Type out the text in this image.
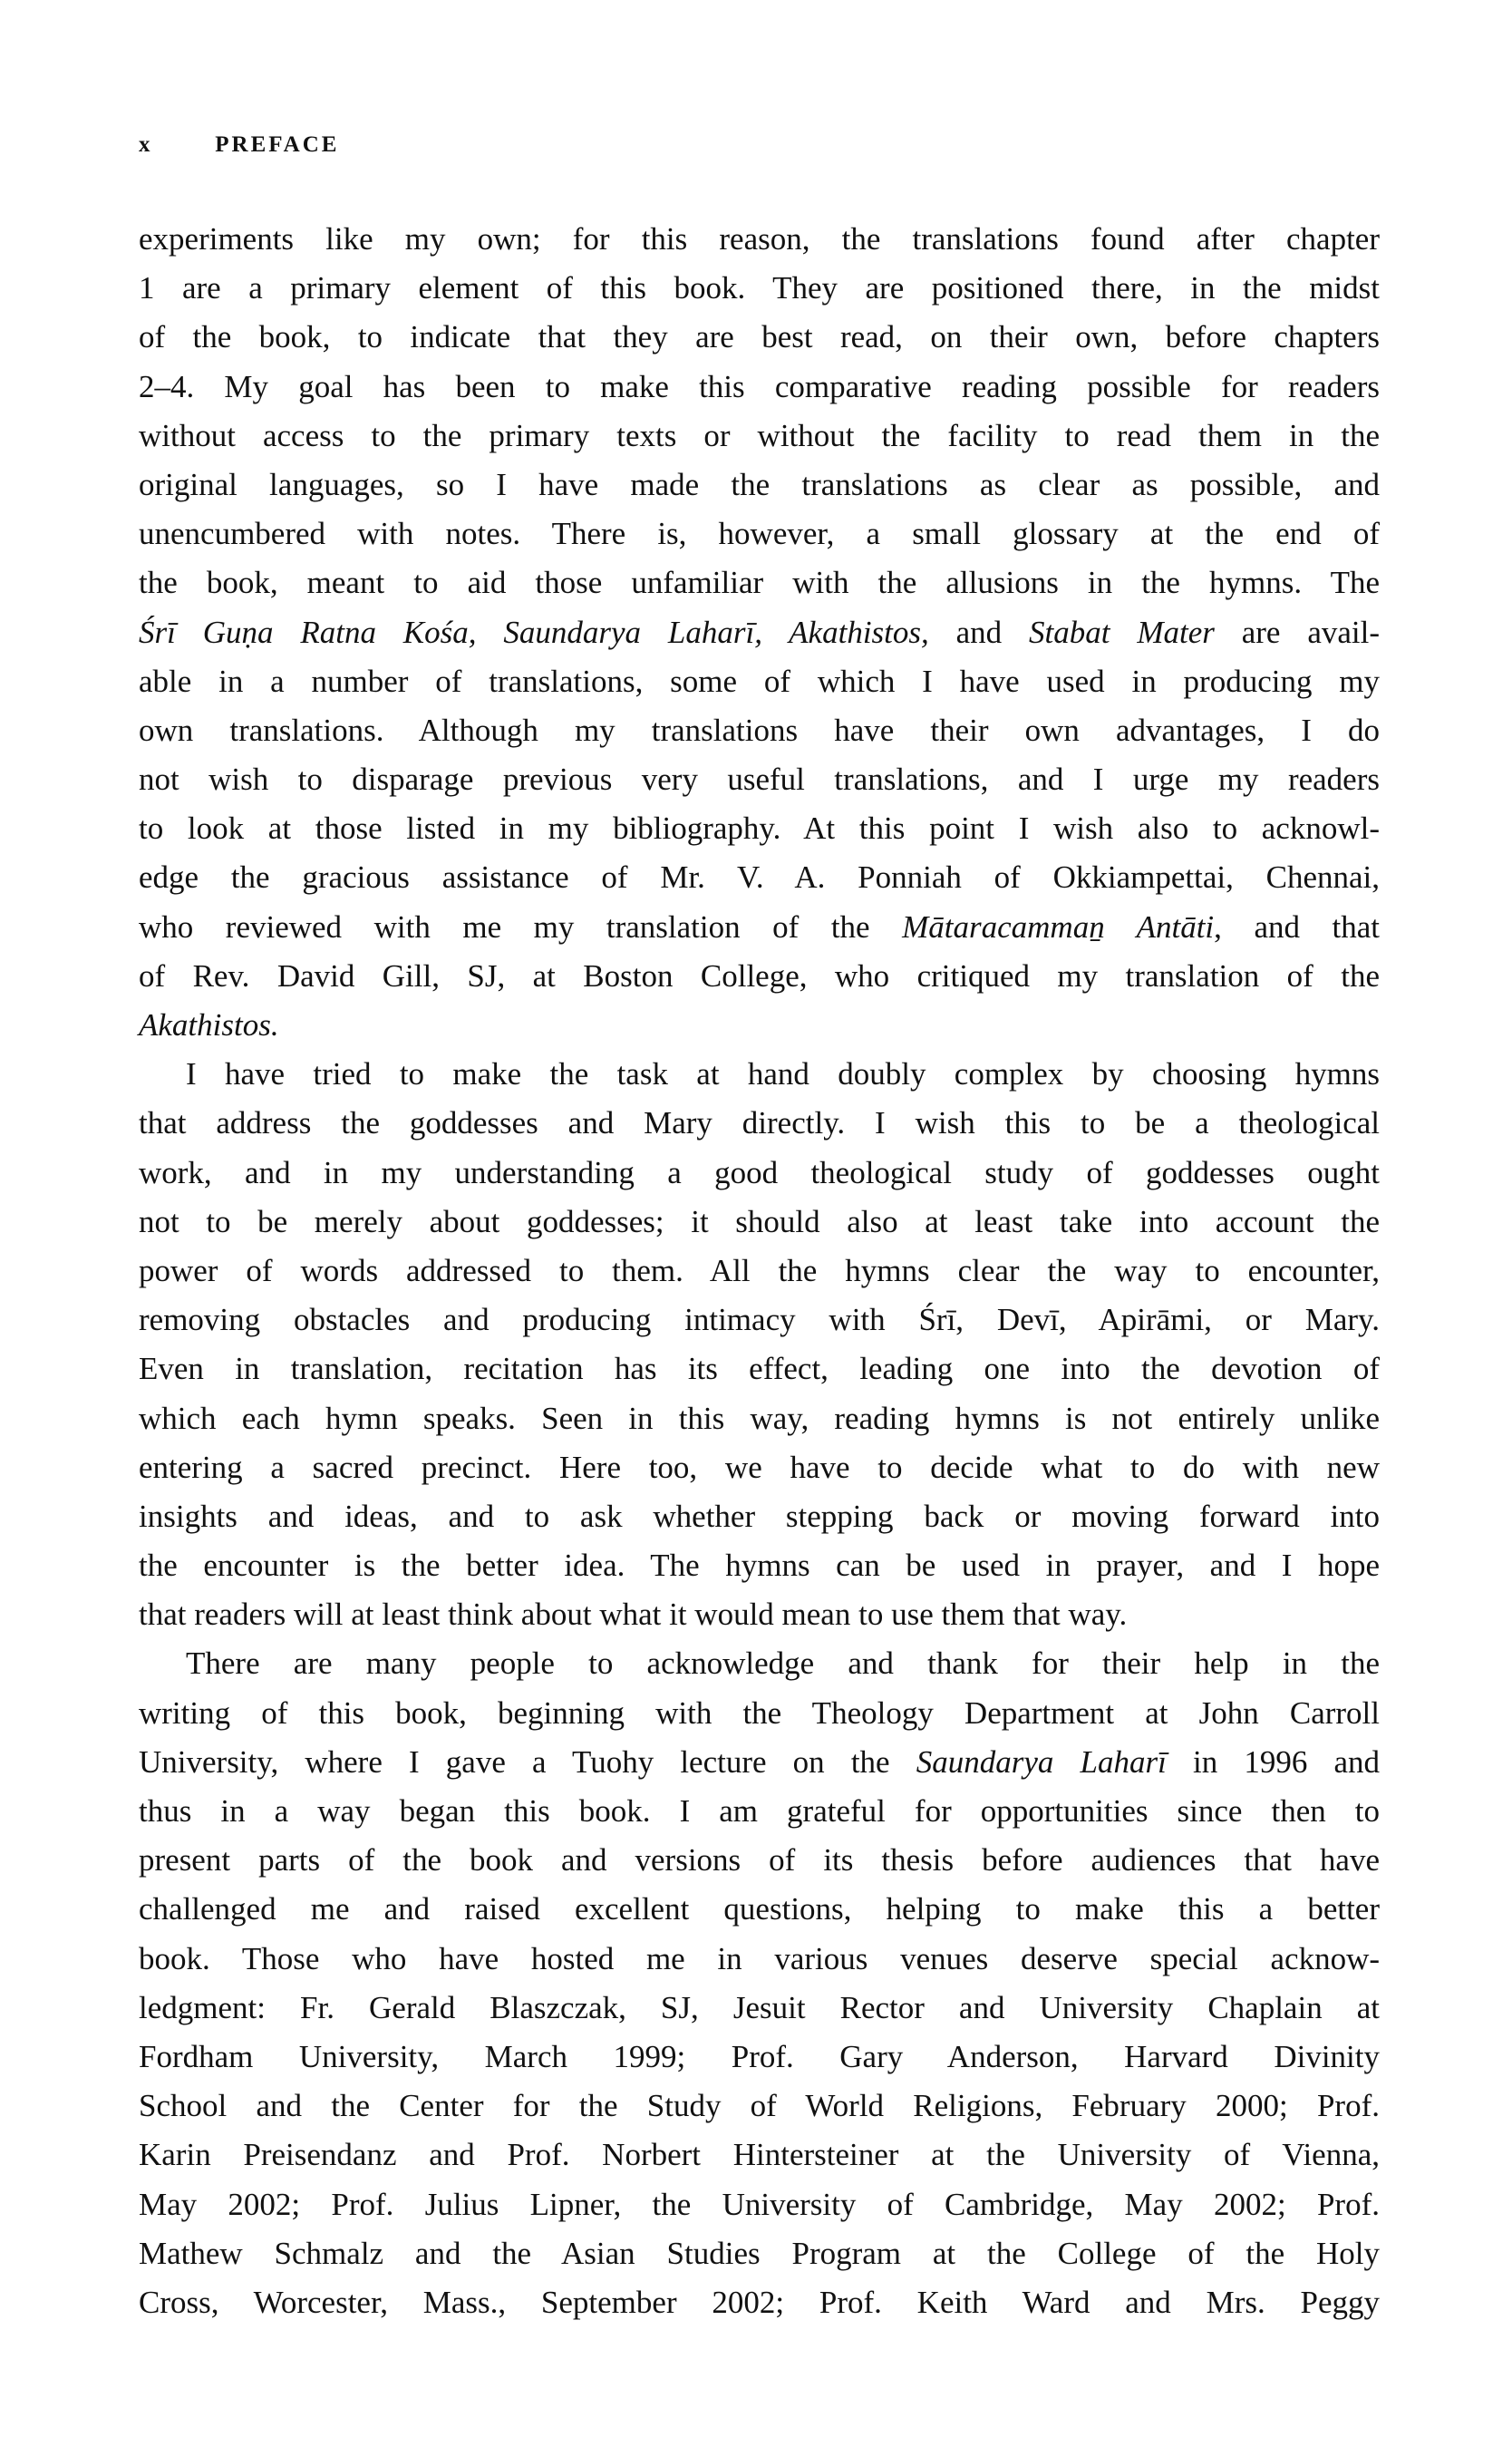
x	PREFACE
experiments like my own; for this reason, the translations found after chapter
1 are a primary element of this book. They are positioned there, in the midst
of the book, to indicate that they are best read, on their own, before chapters
2–4. My goal has been to make this comparative reading possible for readers
without access to the primary texts or without the facility to read them in the
original languages, so I have made the translations as clear as possible, and
unencumbered with notes. There is, however, a small glossary at the end of
the book, meant to aid those unfamiliar with the allusions in the hymns. The
Śrī Guṇa Ratna Kośa, Saundarya Laharī, Akathistos, and Stabat Mater are avail-
able in a number of translations, some of which I have used in producing my
own translations. Although my translations have their own advantages, I do
not wish to disparage previous very useful translations, and I urge my readers
to look at those listed in my bibliography. At this point I wish also to acknowl-
edge the gracious assistance of Mr. V. A. Ponniah of Okkiampettai, Chennai,
who reviewed with me my translation of the Mātaracammaṉ Antāti, and that
of Rev. David Gill, SJ, at Boston College, who critiqued my translation of the
Akathistos.
I have tried to make the task at hand doubly complex by choosing hymns
that address the goddesses and Mary directly. I wish this to be a theological
work, and in my understanding a good theological study of goddesses ought
not to be merely about goddesses; it should also at least take into account the
power of words addressed to them. All the hymns clear the way to encounter,
removing obstacles and producing intimacy with Śrī, Devī, Apirāmi, or Mary.
Even in translation, recitation has its effect, leading one into the devotion of
which each hymn speaks. Seen in this way, reading hymns is not entirely unlike
entering a sacred precinct. Here too, we have to decide what to do with new
insights and ideas, and to ask whether stepping back or moving forward into
the encounter is the better idea. The hymns can be used in prayer, and I hope
that readers will at least think about what it would mean to use them that way.
There are many people to acknowledge and thank for their help in the
writing of this book, beginning with the Theology Department at John Carroll
University, where I gave a Tuohy lecture on the Saundarya Laharī in 1996 and
thus in a way began this book. I am grateful for opportunities since then to
present parts of the book and versions of its thesis before audiences that have
challenged me and raised excellent questions, helping to make this a better
book. Those who have hosted me in various venues deserve special acknow-
ledgment: Fr. Gerald Blaszczak, SJ, Jesuit Rector and University Chaplain at
Fordham University, March 1999; Prof. Gary Anderson, Harvard Divinity
School and the Center for the Study of World Religions, February 2000; Prof.
Karin Preisendanz and Prof. Norbert Hintersteiner at the University of Vienna,
May 2002; Prof. Julius Lipner, the University of Cambridge, May 2002; Prof.
Mathew Schmalz and the Asian Studies Program at the College of the Holy
Cross, Worcester, Mass., September 2002; Prof. Keith Ward and Mrs. Peggy
